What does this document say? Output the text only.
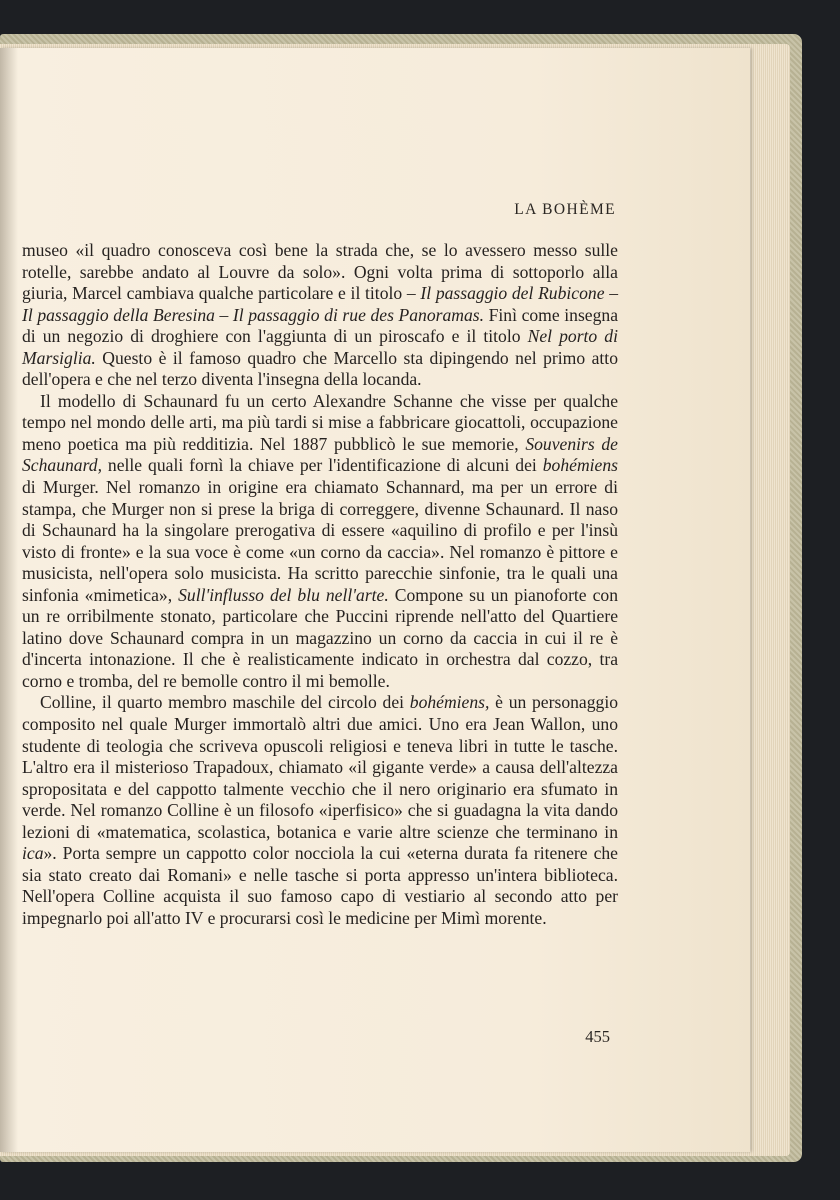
LA BOHÈME

museo «il quadro conosceva così bene la strada che, se lo avessero messo sulle rotelle, sarebbe andato al Louvre da solo». Ogni volta prima di sottoporlo alla giuria, Marcel cambiava qualche particolare e il titolo – Il passaggio del Rubicone – Il passaggio della Beresina – Il passaggio di rue des Panoramas. Finì come insegna di un negozio di droghiere con l'aggiunta di un piroscafo e il titolo Nel porto di Marsiglia. Questo è il famoso quadro che Marcello sta dipingendo nel primo atto dell'opera e che nel terzo diventa l'insegna della locanda.

Il modello di Schaunard fu un certo Alexandre Schanne che visse per qualche tempo nel mondo delle arti, ma più tardi si mise a fabbricare giocattoli, occupazione meno poetica ma più redditizia. Nel 1887 pubblicò le sue memorie, Souvenirs de Schaunard, nelle quali fornì la chiave per l'identificazione di alcuni dei bohémiens di Murger. Nel romanzo in origine era chiamato Schannard, ma per un errore di stampa, che Murger non si prese la briga di correggere, divenne Schaunard. Il naso di Schaunard ha la singolare prerogativa di essere «aquilino di profilo e per l'insù visto di fronte» e la sua voce è come «un corno da caccia». Nel romanzo è pittore e musicista, nell'opera solo musicista. Ha scritto parecchie sinfonie, tra le quali una sinfonia «mimetica», Sull'influsso del blu nell'arte. Compone su un pianoforte con un re orribilmente stonato, particolare che Puccini riprende nell'atto del Quartiere latino dove Schaunard compra in un magazzino un corno da caccia in cui il re è d'incerta intonazione. Il che è realisticamente indicato in orchestra dal cozzo, tra corno e tromba, del re bemolle contro il mi bemolle.

Colline, il quarto membro maschile del circolo dei bohémiens, è un personaggio composito nel quale Murger immortalò altri due amici. Uno era Jean Wallon, uno studente di teologia che scriveva opuscoli religiosi e teneva libri in tutte le tasche. L'altro era il misterioso Trapadoux, chiamato «il gigante verde» a causa dell'altezza spropositata e del cappotto talmente vecchio che il nero originario era sfumato in verde. Nel romanzo Colline è un filosofo «iperfisico» che si guadagna la vita dando lezioni di «matematica, scolastica, botanica e varie altre scienze che terminano in ica». Porta sempre un cappotto color nocciola la cui «eterna durata fa ritenere che sia stato creato dai Romani» e nelle tasche si porta appresso un'intera biblioteca. Nell'opera Colline acquista il suo famoso capo di vestiario al secondo atto per impegnarlo poi all'atto IV e procurarsi così le medicine per Mimì morente.

455
